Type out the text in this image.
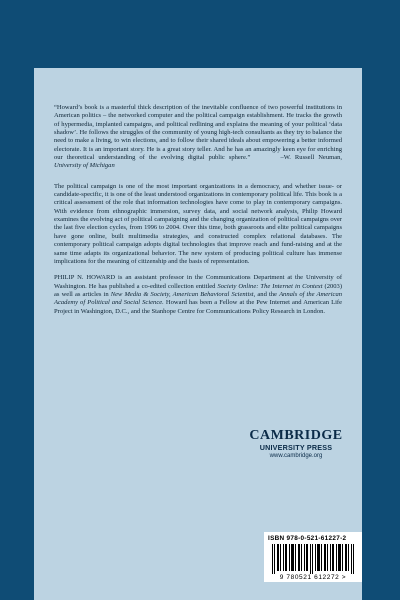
“Howard’s book is a masterful thick description of the inevitable confluence of two powerful institutions in American politics – the networked computer and the political campaign establishment. He tracks the growth of hypermedia, implanted campaigns, and political redlining and explains the meaning of your political ‘data shadow’. He follows the struggles of the community of young high-tech consultants as they try to balance the need to make a living, to win elections, and to follow their shared ideals about empowering a better informed electorate. It is an important story. He is a great story teller. And he has an amazingly keen eye for enriching our theoretical understanding of the evolving digital public sphere.”	–W. Russell Neuman, University of Michigan

The political campaign is one of the most important organizations in a democracy, and whether issue- or candidate-specific, it is one of the least understood organizations in contemporary political life. This book is a critical assessment of the role that information technologies have come to play in contemporary campaigns. With evidence from ethnographic immersion, survey data, and social network analysis, Philip Howard examines the evolving act of political campaigning and the changing organization of political campaigns over the last five election cycles, from 1996 to 2004. Over this time, both grassroots and elite political campaigns have gone online, built multimedia strategies, and constructed complex relational databases. The contemporary political campaign adopts digital technologies that improve reach and fund-raising and at the same time adapts its organizational behavior. The new system of producing political culture has immense implications for the meaning of citizenship and the basis of representation.

PHILIP N. HOWARD is an assistant professor in the Communications Department at the University of Washington. He has published a co-edited collection entitled Society Online: The Internet in Context (2003) as well as articles in New Media & Society, American Behavioral Scientist, and the Annals of the American Academy of Political and Social Science. Howard has been a Fellow at the Pew Internet and American Life Project in Washington, D.C., and the Stanhope Centre for Communications Policy Research in London.

CAMBRIDGE
UNIVERSITY PRESS
www.cambridge.org
ISBN 978-0-521-61227-2
9 780521 612272 >
